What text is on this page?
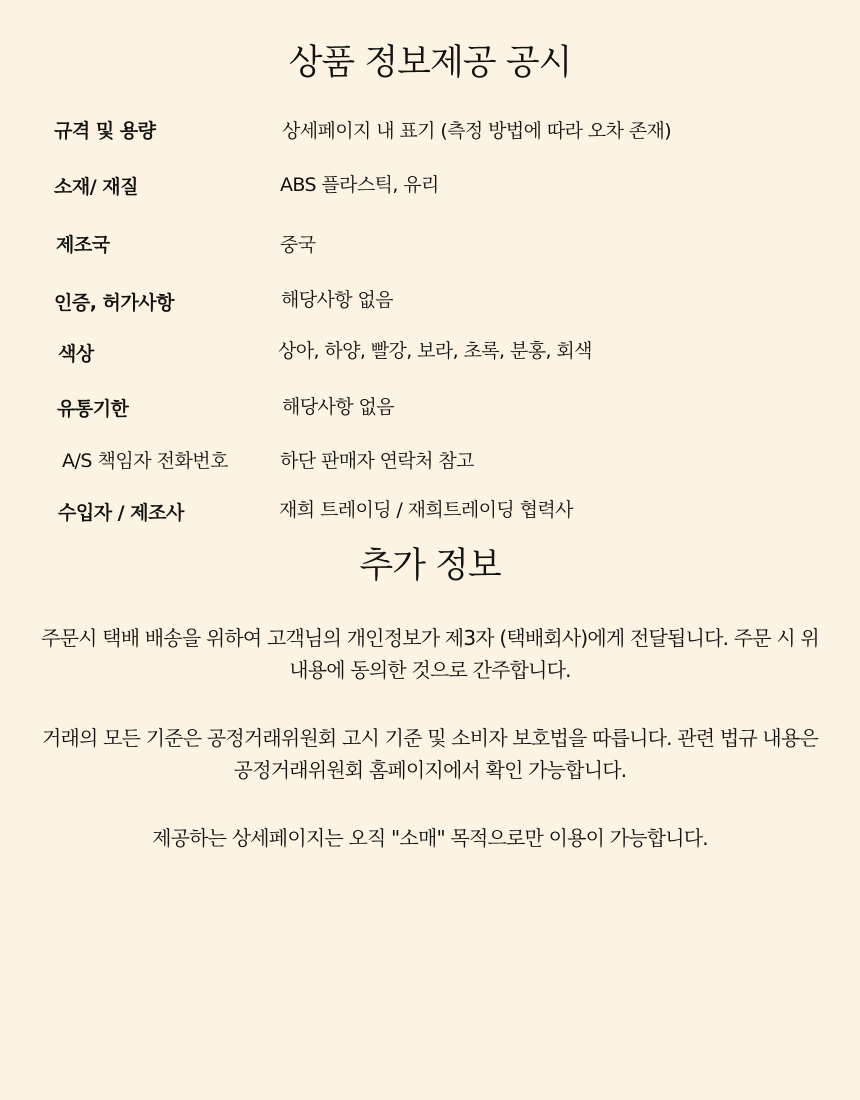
상품 정보제공 공시
규격 및 용량	상세페이지 내 표기 (측정 방법에 따라 오차 존재)
소재/ 재질	ABS 플라스틱, 유리
제조국	중국
인증, 허가사항	해당사항 없음
색상	상아, 하양, 빨강, 보라, 초록, 분홍, 회색
유통기한	해당사항 없음
A/S 책임자 전화번호	하단 판매자 연락처 참고
수입자 / 제조사	재희 트레이딩 / 재희트레이딩 협력사
추가 정보

주문시 택배 배송을 위하여 고객님의 개인정보가 제3자 (택배회사)에게 전달됩니다. 주문 시 위 내용에 동의한 것으로 간주합니다.

거래의 모든 기준은 공정거래위원회 고시 기준 및 소비자 보호법을 따릅니다. 관련 법규 내용은 공정거래위원회 홈페이지에서 확인 가능합니다.

제공하는 상세페이지는 오직 "소매" 목적으로만 이용이 가능합니다.
